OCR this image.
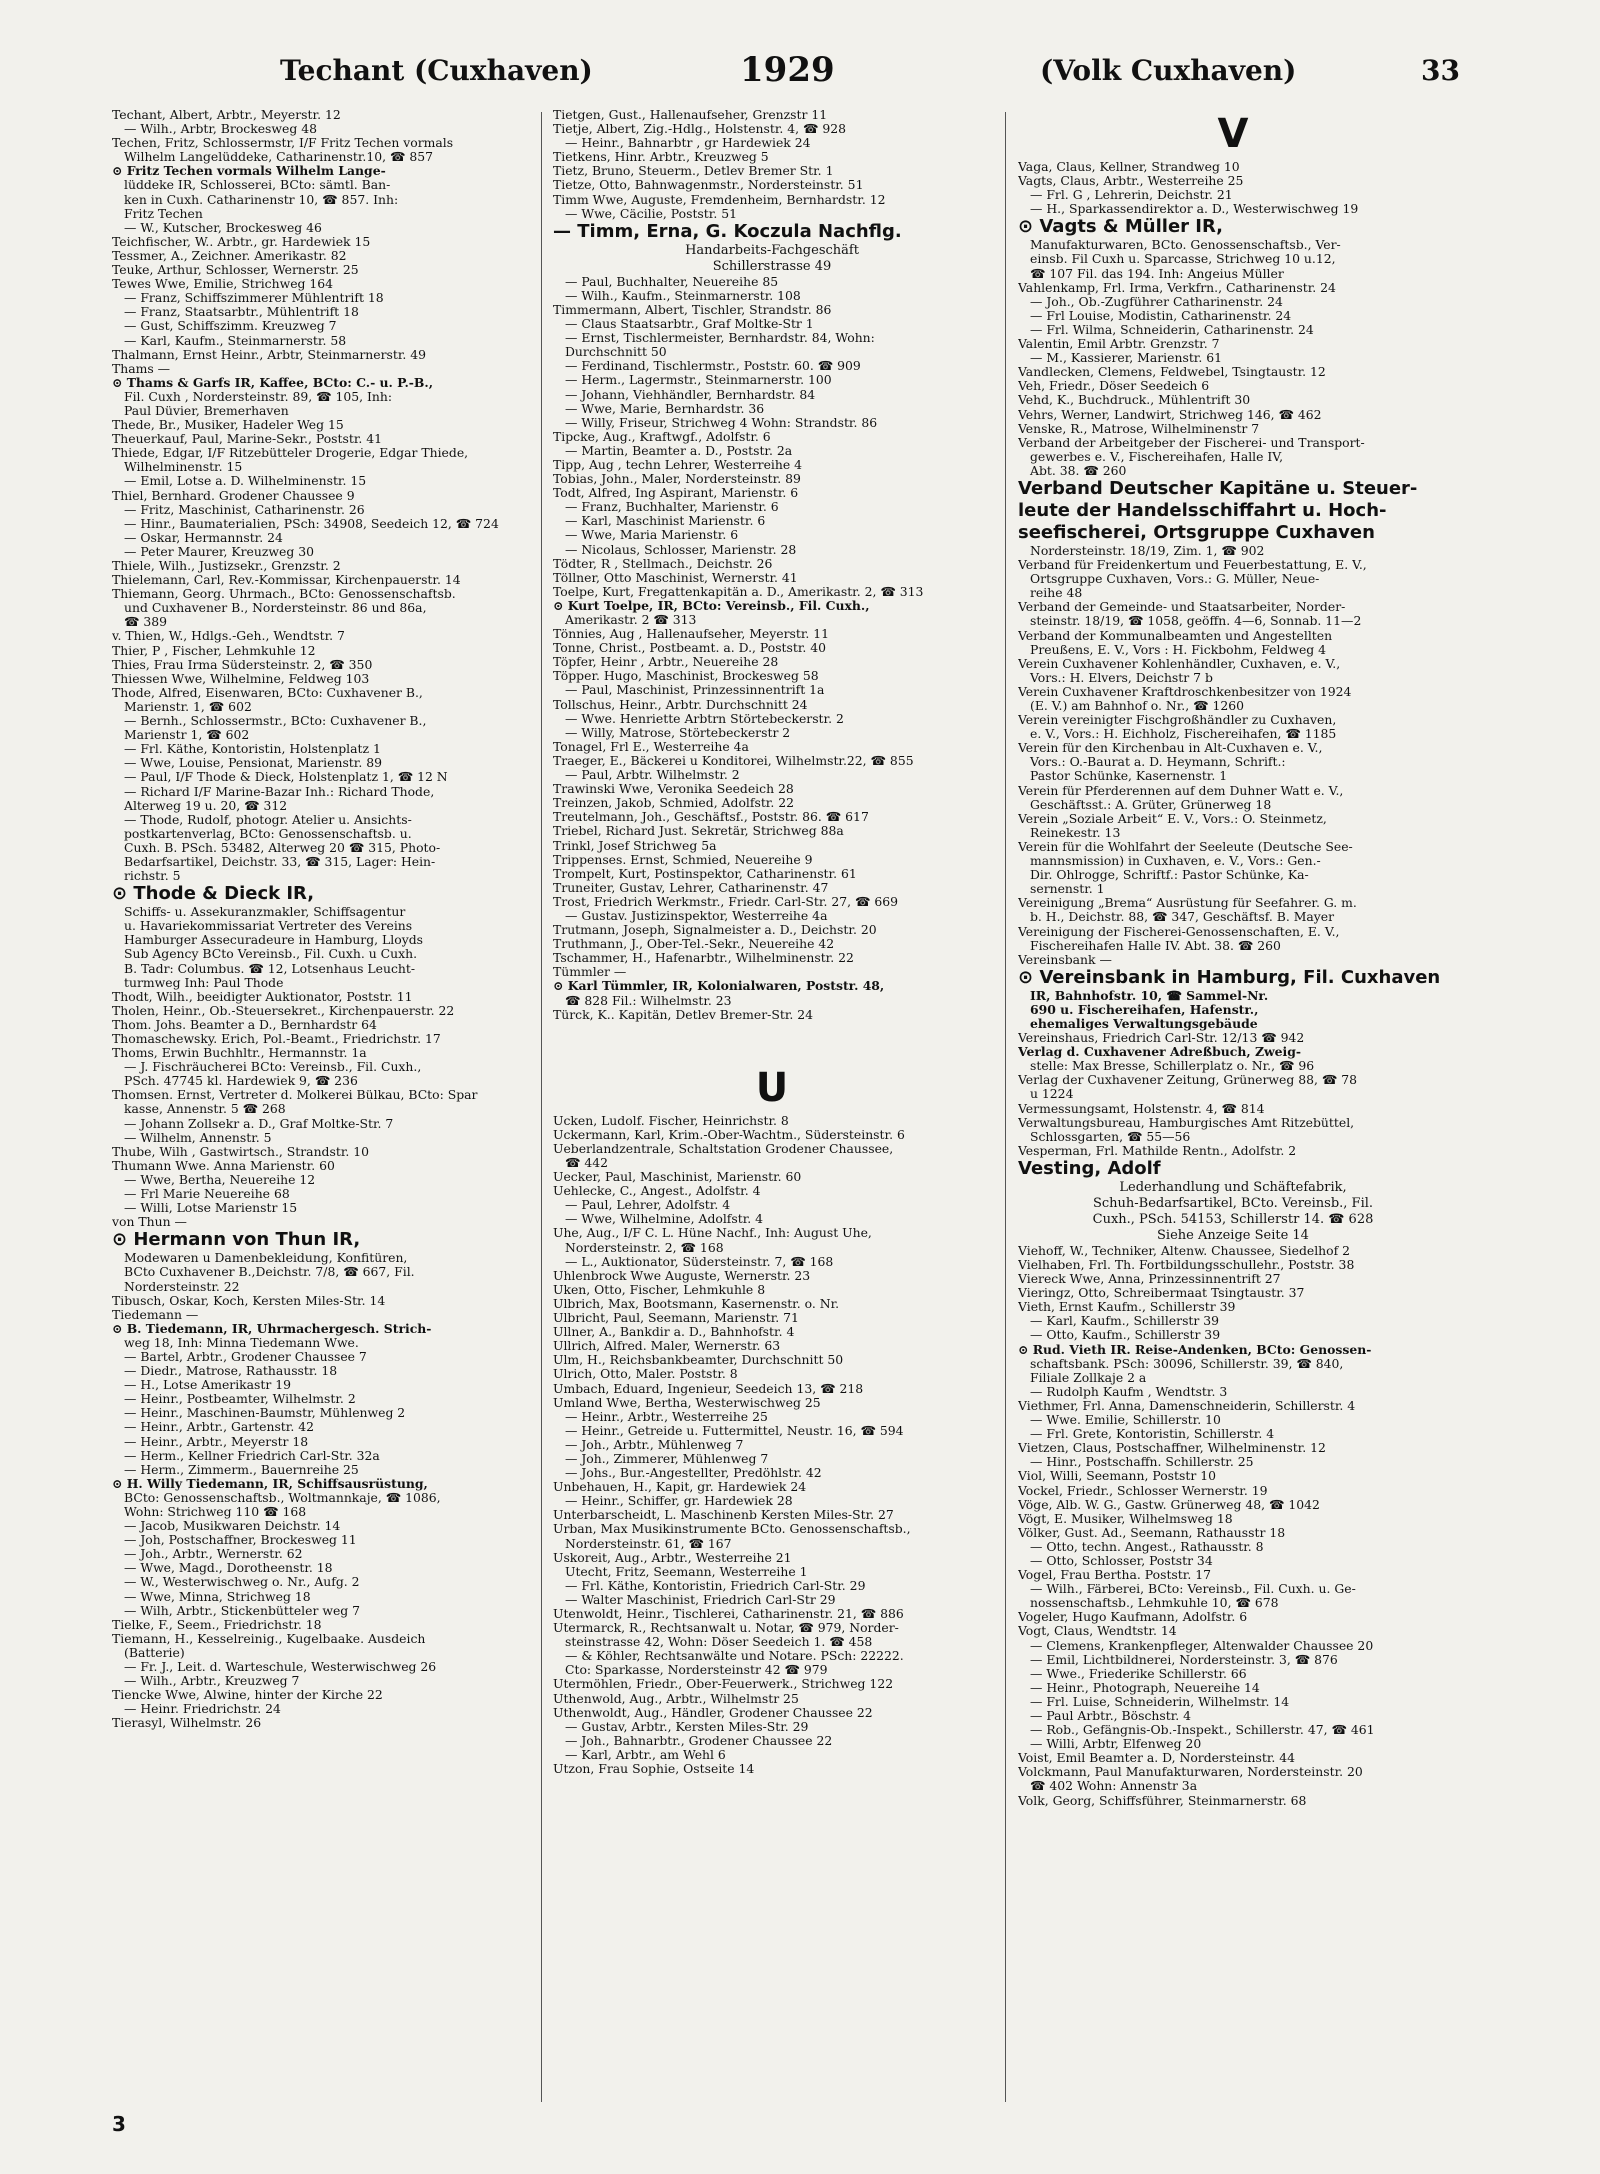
Techant (Cuxhaven)	1929	(Volk Cuxhaven)	33
Techant, Albert, Arbtr., Meyerstr. 12
— Wilh., Arbtr, Brockesweg 48
Techen, Fritz, Schlossermstr, I/F Fritz Techen vormals
Wilhelm Langelüddeke, Catharinenstr.10, ☎ 857
⊙ Fritz Techen vormals Wilhelm Lange-
lüddeke IR, Schlosserei, BCto: sämtl. Ban-
ken in Cuxh. Catharinenstr 10, ☎ 857. Inh:
Fritz Techen
— W., Kutscher, Brockesweg 46
Teichfischer, W.. Arbtr., gr. Hardewiek 15
Tessmer, A., Zeichner. Amerikastr. 82
Teuke, Arthur, Schlosser, Wernerstr. 25
Tewes Wwe, Emilie, Strichweg 164
— Franz, Schiffszimmerer Mühlentrift 18
— Franz, Staatsarbtr., Mühlentrift 18
— Gust, Schiffszimm. Kreuzweg 7
— Karl, Kaufm., Steinmarnerstr. 58
Thalmann, Ernst Heinr., Arbtr, Steinmarnerstr. 49
Thams —
⊙ Thams & Garfs IR, Kaffee, BCto: C.- u. P.-B.,
Fil. Cuxh , Nordersteinstr. 89, ☎ 105, Inh:
Paul Düvier, Bremerhaven
Thede, Br., Musiker, Hadeler Weg 15
Theuerkauf, Paul, Marine-Sekr., Poststr. 41
Thiede, Edgar, I/F Ritzebütteler Drogerie, Edgar Thiede,
Wilhelminenstr. 15
— Emil, Lotse a. D. Wilhelminenstr. 15
Thiel, Bernhard. Grodener Chaussee 9
— Fritz, Maschinist, Catharinenstr. 26
— Hinr., Baumaterialien, PSch: 34908, Seedeich 12, ☎ 724
— Oskar, Hermannstr. 24
— Peter Maurer, Kreuzweg 30
Thiele, Wilh., Justizsekr., Grenzstr. 2
Thielemann, Carl, Rev.-Kommissar, Kirchenpauerstr. 14
Thiemann, Georg. Uhrmach., BCto: Genossenschaftsb.
und Cuxhavener B., Nordersteinstr. 86 und 86a,
☎ 389
v. Thien, W., Hdlgs.-Geh., Wendtstr. 7
Thier, P , Fischer, Lehmkuhle 12
Thies, Frau Irma Südersteinstr. 2, ☎ 350
Thiessen Wwe, Wilhelmine, Feldweg 103
Thode, Alfred, Eisenwaren, BCto: Cuxhavener B.,
Marienstr. 1, ☎ 602
— Bernh., Schlossermstr., BCto: Cuxhavener B.,
Marienstr 1, ☎ 602
— Frl. Käthe, Kontoristin, Holstenplatz 1
— Wwe, Louise, Pensionat, Marienstr. 89
— Paul, I/F Thode & Dieck, Holstenplatz 1, ☎ 12 N
— Richard I/F Marine-Bazar Inh.: Richard Thode,
Alterweg 19 u. 20, ☎ 312
— Thode, Rudolf, photogr. Atelier u. Ansichts-
postkartenverlag, BCto: Genossenschaftsb. u.
Cuxh. B. PSch. 53482, Alterweg 20 ☎ 315, Photo-
Bedarfsartikel, Deichstr. 33, ☎ 315, Lager: Hein-
richstr. 5
⊙ Thode & Dieck IR,
Schiffs- u. Assekuranzmakler, Schiffsagentur
u. Havariekommissariat Vertreter des Vereins
Hamburger Assecuradeure in Hamburg, Lloyds
Sub Agency BCto Vereinsb., Fil. Cuxh. u Cuxh.
B. Tadr: Columbus. ☎ 12, Lotsenhaus Leucht-
turmweg Inh: Paul Thode
Thodt, Wilh., beeidigter Auktionator, Poststr. 11
Tholen, Heinr., Ob.-Steuersekret., Kirchenpauerstr. 22
Thom. Johs. Beamter a D., Bernhardstr 64
Thomaschewsky. Erich, Pol.-Beamt., Friedrichstr. 17
Thoms, Erwin Buchhltr., Hermannstr. 1a
— J. Fischräucherei BCto: Vereinsb., Fil. Cuxh.,
PSch. 47745 kl. Hardewiek 9, ☎ 236
Thomsen. Ernst, Vertreter d. Molkerei Bülkau, BCto: Spar
kasse, Annenstr. 5 ☎ 268
— Johann Zollsekr a. D., Graf Moltke-Str. 7
— Wilhelm, Annenstr. 5
Thube, Wilh , Gastwirtsch., Strandstr. 10
Thumann Wwe. Anna Marienstr. 60
— Wwe, Bertha, Neuereihe 12
— Frl Marie Neuereihe 68
— Willi, Lotse Marienstr 15
von Thun —
⊙ Hermann von Thun IR,
Modewaren u Damenbekleidung, Konfitüren,
BCto Cuxhavener B.,Deichstr. 7/8, ☎ 667, Fil.
Nordersteinstr. 22
Tibusch, Oskar, Koch, Kersten Miles-Str. 14
Tiedemann —
⊙ B. Tiedemann, IR, Uhrmachergesch. Strich-
weg 18, Inh: Minna Tiedemann Wwe.
— Bartel, Arbtr., Grodener Chaussee 7
— Diedr., Matrose, Rathausstr. 18
— H., Lotse Amerikastr 19
— Heinr., Postbeamter, Wilhelmstr. 2
— Heinr., Maschinen-Baumstr, Mühlenweg 2
— Heinr., Arbtr., Gartenstr. 42
— Heinr., Arbtr., Meyerstr 18
— Herm., Kellner Friedrich Carl-Str. 32a
— Herm., Zimmerm., Bauernreihe 25
⊙ H. Willy Tiedemann, IR, Schiffsausrüstung,
BCto: Genossenschaftsb., Woltmannkaje, ☎ 1086,
Wohn: Strichweg 110 ☎ 168
— Jacob, Musikwaren Deichstr. 14
— Joh, Postschaffner, Brockesweg 11
— Joh., Arbtr., Wernerstr. 62
— Wwe, Magd., Dorotheenstr. 18
— W., Westerwischweg o. Nr., Aufg. 2
— Wwe, Minna, Strichweg 18
— Wilh, Arbtr., Stickenbütteler weg 7
Tielke, F., Seem., Friedrichstr. 18
Tiemann, H., Kesselreinig., Kugelbaake. Ausdeich
(Batterie)
— Fr. J., Leit. d. Warteschule, Westerwischweg 26
— Wilh., Arbtr., Kreuzweg 7
Tiencke Wwe, Alwine, hinter der Kirche 22
— Heinr. Friedrichstr. 24
Tierasyl, Wilhelmstr. 26
Tietgen, Gust., Hallenaufseher, Grenzstr 11
Tietje, Albert, Zig.-Hdlg., Holstenstr. 4, ☎ 928
— Heinr., Bahnarbtr , gr Hardewiek 24
Tietkens, Hinr. Arbtr., Kreuzweg 5
Tietz, Bruno, Steuerm., Detlev Bremer Str. 1
Tietze, Otto, Bahnwagenmstr., Nordersteinstr. 51
Timm Wwe, Auguste, Fremdenheim, Bernhardstr. 12
— Wwe, Cäcilie, Poststr. 51
— Timm, Erna, G. Koczula Nachflg.
Handarbeits-Fachgeschäft
Schillerstrasse 49
— Paul, Buchhalter, Neuereihe 85
— Wilh., Kaufm., Steinmarnerstr. 108
Timmermann, Albert, Tischler, Strandstr. 86
— Claus Staatsarbtr., Graf Moltke-Str 1
— Ernst, Tischlermeister, Bernhardstr. 84, Wohn:
Durchschnitt 50
— Ferdinand, Tischlermstr., Poststr. 60. ☎ 909
— Herm., Lagermstr., Steinmarnerstr. 100
— Johann, Viehhändler, Bernhardstr. 84
— Wwe, Marie, Bernhardstr. 36
— Willy, Friseur, Strichweg 4 Wohn: Strandstr. 86
Tipcke, Aug., Kraftwgf., Adolfstr. 6
— Martin, Beamter a. D., Poststr. 2a
Tipp, Aug , techn Lehrer, Westerreihe 4
Tobias, John., Maler, Nordersteinstr. 89
Todt, Alfred, Ing Aspirant, Marienstr. 6
— Franz, Buchhalter, Marienstr. 6
— Karl, Maschinist Marienstr. 6
— Wwe, Maria Marienstr. 6
— Nicolaus, Schlosser, Marienstr. 28
Tödter, R , Stellmach., Deichstr. 26
Töllner, Otto Maschinist, Wernerstr. 41
Toelpe, Kurt, Fregattenkapitän a. D., Amerikastr. 2, ☎ 313
⊙ Kurt Toelpe, IR, BCto: Vereinsb., Fil. Cuxh.,
Amerikastr. 2 ☎ 313
Tönnies, Aug , Hallenaufseher, Meyerstr. 11
Tonne, Christ., Postbeamt. a. D., Poststr. 40
Töpfer, Heinr , Arbtr., Neuereihe 28
Töpper. Hugo, Maschinist, Brockesweg 58
— Paul, Maschinist, Prinzessinnentrift 1a
Tollschus, Heinr., Arbtr. Durchschnitt 24
— Wwe. Henriette Arbtrn Störtebeckerstr. 2
— Willy, Matrose, Störtebeckerstr 2
Tonagel, Frl E., Westerreihe 4a
Traeger, E., Bäckerei u Konditorei, Wilhelmstr.22, ☎ 855
— Paul, Arbtr. Wilhelmstr. 2
Trawinski Wwe, Veronika Seedeich 28
Treinzen, Jakob, Schmied, Adolfstr. 22
Treutelmann, Joh., Geschäftsf., Poststr. 86. ☎ 617
Triebel, Richard Just. Sekretär, Strichweg 88a
Trinkl, Josef Strichweg 5a
Trippenses. Ernst, Schmied, Neuereihe 9
Trompelt, Kurt, Postinspektor, Catharinenstr. 61
Truneiter, Gustav, Lehrer, Catharinenstr. 47
Trost, Friedrich Werkmstr., Friedr. Carl-Str. 27, ☎ 669
— Gustav. Justizinspektor, Westerreihe 4a
Trutmann, Joseph, Signalmeister a. D., Deichstr. 20
Truthmann, J., Ober-Tel.-Sekr., Neuereihe 42
Tschammer, H., Hafenarbtr., Wilhelminenstr. 22
Tümmler —
⊙ Karl Tümmler, IR, Kolonialwaren, Poststr. 48,
☎ 828 Fil.: Wilhelmstr. 23
Türck, K.. Kapitän, Detlev Bremer-Str. 24
U
Ucken, Ludolf. Fischer, Heinrichstr. 8
Uckermann, Karl, Krim.-Ober-Wachtm., Südersteinstr. 6
Ueberlandzentrale, Schaltstation Grodener Chaussee,
☎ 442
Uecker, Paul, Maschinist, Marienstr. 60
Uehlecke, C., Angest., Adolfstr. 4
— Paul, Lehrer, Adolfstr. 4
— Wwe, Wilhelmine, Adolfstr. 4
Uhe, Aug., I/F C. L. Hüne Nachf., Inh: August Uhe,
Nordersteinstr. 2, ☎ 168
— L., Auktionator, Südersteinstr. 7, ☎ 168
Uhlenbrock Wwe Auguste, Wernerstr. 23
Uken, Otto, Fischer, Lehmkuhle 8
Ulbrich, Max, Bootsmann, Kasernenstr. o. Nr.
Ulbricht, Paul, Seemann, Marienstr. 71
Ullner, A., Bankdir a. D., Bahnhofstr. 4
Ullrich, Alfred. Maler, Wernerstr. 63
Ulm, H., Reichsbankbeamter, Durchschnitt 50
Ulrich, Otto, Maler. Poststr. 8
Umbach, Eduard, Ingenieur, Seedeich 13, ☎ 218
Umland Wwe, Bertha, Westerwischweg 25
— Heinr., Arbtr., Westerreihe 25
— Heinr., Getreide u. Futtermittel, Neustr. 16, ☎ 594
— Joh., Arbtr., Mühlenweg 7
— Joh., Zimmerer, Mühlenweg 7
— Johs., Bur.-Angestellter, Predöhlstr. 42
Unbehauen, H., Kapit, gr. Hardewiek 24
— Heinr., Schiffer, gr. Hardewiek 28
Unterbarscheidt, L. Maschinenb Kersten Miles-Str. 27
Urban, Max Musikinstrumente BCto. Genossenschaftsb.,
Nordersteinstr. 61, ☎ 167
Uskoreit, Aug., Arbtr., Westerreihe 21
Utecht, Fritz, Seemann, Westerreihe 1
— Frl. Käthe, Kontoristin, Friedrich Carl-Str. 29
— Walter Maschinist, Friedrich Carl-Str 29
Utenwoldt, Heinr., Tischlerei, Catharinenstr. 21, ☎ 886
Utermarck, R., Rechtsanwalt u. Notar, ☎ 979, Norder-
steinstrasse 42, Wohn: Döser Seedeich 1. ☎ 458
— & Köhler, Rechtsanwälte und Notare. PSch: 22222.
Cto: Sparkasse, Nordersteinstr 42 ☎ 979
Utermöhlen, Friedr., Ober-Feuerwerk., Strichweg 122
Uthenwold, Aug., Arbtr., Wilhelmstr 25
Uthenwoldt, Aug., Händler, Grodener Chaussee 22
— Gustav, Arbtr., Kersten Miles-Str. 29
— Joh., Bahnarbtr., Grodener Chaussee 22
— Karl, Arbtr., am Wehl 6
Utzon, Frau Sophie, Ostseite 14
V
Vaga, Claus, Kellner, Strandweg 10
Vagts, Claus, Arbtr., Westerreihe 25
— Frl. G , Lehrerin, Deichstr. 21
— H., Sparkassendirektor a. D., Westerwischweg 19
⊙ Vagts & Müller IR,
Manufakturwaren, BCto. Genossenschaftsb., Ver-
einsb. Fil Cuxh u. Sparcasse, Strichweg 10 u.12,
☎ 107 Fil. das 194. Inh: Angeius Müller
Vahlenkamp, Frl. Irma, Verkfrn., Catharinenstr. 24
— Joh., Ob.-Zugführer Catharinenstr. 24
— Frl Louise, Modistin, Catharinenstr. 24
— Frl. Wilma, Schneiderin, Catharinenstr. 24
Valentin, Emil Arbtr. Grenzstr. 7
— M., Kassierer, Marienstr. 61
Vandlecken, Clemens, Feldwebel, Tsingtaustr. 12
Veh, Friedr., Döser Seedeich 6
Vehd, K., Buchdruck., Mühlentrift 30
Vehrs, Werner, Landwirt, Strichweg 146, ☎ 462
Venske, R., Matrose, Wilhelminenstr 7
Verband der Arbeitgeber der Fischerei- und Transport-
gewerbes e. V., Fischereihafen, Halle IV,
Abt. 38. ☎ 260
Verband Deutscher Kapitäne u. Steuer-
leute der Handelsschiffahrt u. Hoch-
seefischerei, Ortsgruppe Cuxhaven
Nordersteinstr. 18/19, Zim. 1, ☎ 902
Verband für Freidenkertum und Feuerbestattung, E. V.,
Ortsgruppe Cuxhaven, Vors.: G. Müller, Neue-
reihe 48
Verband der Gemeinde- und Staatsarbeiter, Norder-
steinstr. 18/19, ☎ 1058, geöffn. 4—6, Sonnab. 11—2
Verband der Kommunalbeamten und Angestellten
Preußens, E. V., Vors : H. Fickbohm, Feldweg 4
Verein Cuxhavener Kohlenhändler, Cuxhaven, e. V.,
Vors.: H. Elvers, Deichstr 7 b
Verein Cuxhavener Kraftdroschkenbesitzer von 1924
(E. V.) am Bahnhof o. Nr., ☎ 1260
Verein vereinigter Fischgroßhändler zu Cuxhaven,
e. V., Vors.: H. Eichholz, Fischereihafen, ☎ 1185
Verein für den Kirchenbau in Alt-Cuxhaven e. V.,
Vors.: O.-Baurat a. D. Heymann, Schrift.:
Pastor Schünke, Kasernenstr. 1
Verein für Pferderennen auf dem Duhner Watt e. V.,
Geschäftsst.: A. Grüter, Grünerweg 18
Verein „Soziale Arbeit“ E. V., Vors.: O. Steinmetz,
Reinekestr. 13
Verein für die Wohlfahrt der Seeleute (Deutsche See-
mannsmission) in Cuxhaven, e. V., Vors.: Gen.-
Dir. Ohlrogge, Schriftf.: Pastor Schünke, Ka-
sernenstr. 1
Vereinigung „Brema“ Ausrüstung für Seefahrer. G. m.
b. H., Deichstr. 88, ☎ 347, Geschäftsf. B. Mayer
Vereinigung der Fischerei-Genossenschaften, E. V.,
Fischereihafen Halle IV. Abt. 38. ☎ 260
Vereinsbank —
⊙ Vereinsbank in Hamburg, Fil. Cuxhaven
IR, Bahnhofstr. 10, ☎ Sammel-Nr.
690 u. Fischereihafen, Hafenstr.,
ehemaliges Verwaltungsgebäude
Vereinshaus, Friedrich Carl-Str. 12/13 ☎ 942
Verlag d. Cuxhavener Adreßbuch, Zweig-
stelle: Max Bresse, Schillerplatz o. Nr., ☎ 96
Verlag der Cuxhavener Zeitung, Grünerweg 88, ☎ 78
u 1224
Vermessungsamt, Holstenstr. 4, ☎ 814
Verwaltungsbureau, Hamburgisches Amt Ritzebüttel,
Schlossgarten, ☎ 55—56
Vesperman, Frl. Mathilde Rentn., Adolfstr. 2
Vesting, Adolf
Lederhandlung und Schäftefabrik,
Schuh-Bedarfsartikel, BCto. Vereinsb., Fil.
Cuxh., PSch. 54153, Schillerstr 14. ☎ 628
Siehe Anzeige Seite 14
Viehoff, W., Techniker, Altenw. Chaussee, Siedelhof 2
Vielhaben, Frl. Th. Fortbildungsschullehr., Poststr. 38
Viereck Wwe, Anna, Prinzessinnentrift 27
Vieringz, Otto, Schreibermaat Tsingtaustr. 37
Vieth, Ernst Kaufm., Schillerstr 39
— Karl, Kaufm., Schillerstr 39
— Otto, Kaufm., Schillerstr 39
⊙ Rud. Vieth IR. Reise-Andenken, BCto: Genossen-
schaftsbank. PSch: 30096, Schillerstr. 39, ☎ 840,
Filiale Zollkaje 2 a
— Rudolph Kaufm , Wendtstr. 3
Viethmer, Frl. Anna, Damenschneiderin, Schillerstr. 4
— Wwe. Emilie, Schillerstr. 10
— Frl. Grete, Kontoristin, Schillerstr. 4
Vietzen, Claus, Postschaffner, Wilhelminenstr. 12
— Hinr., Postschaffn. Schillerstr. 25
Viol, Willi, Seemann, Poststr 10
Vockel, Friedr., Schlosser Wernerstr. 19
Vöge, Alb. W. G., Gastw. Grünerweg 48, ☎ 1042
Vögt, E. Musiker, Wilhelmsweg 18
Völker, Gust. Ad., Seemann, Rathausstr 18
— Otto, techn. Angest., Rathausstr. 8
— Otto, Schlosser, Poststr 34
Vogel, Frau Bertha. Poststr. 17
— Wilh., Färberei, BCto: Vereinsb., Fil. Cuxh. u. Ge-
nossenschaftsb., Lehmkuhle 10, ☎ 678
Vogeler, Hugo Kaufmann, Adolfstr. 6
Vogt, Claus, Wendtstr. 14
— Clemens, Krankenpfleger, Altenwalder Chaussee 20
— Emil, Lichtbildnerei, Nordersteinstr. 3, ☎ 876
— Wwe., Friederike Schillerstr. 66
— Heinr., Photograph, Neuereihe 14
— Frl. Luise, Schneiderin, Wilhelmstr. 14
— Paul Arbtr., Böschstr. 4
— Rob., Gefängnis-Ob.-Inspekt., Schillerstr. 47, ☎ 461
— Willi, Arbtr, Elfenweg 20
Voist, Emil Beamter a. D, Nordersteinstr. 44
Volckmann, Paul Manufakturwaren, Nordersteinstr. 20
☎ 402 Wohn: Annenstr 3a
Volk, Georg, Schiffsführer, Steinmarnerstr. 68
3
